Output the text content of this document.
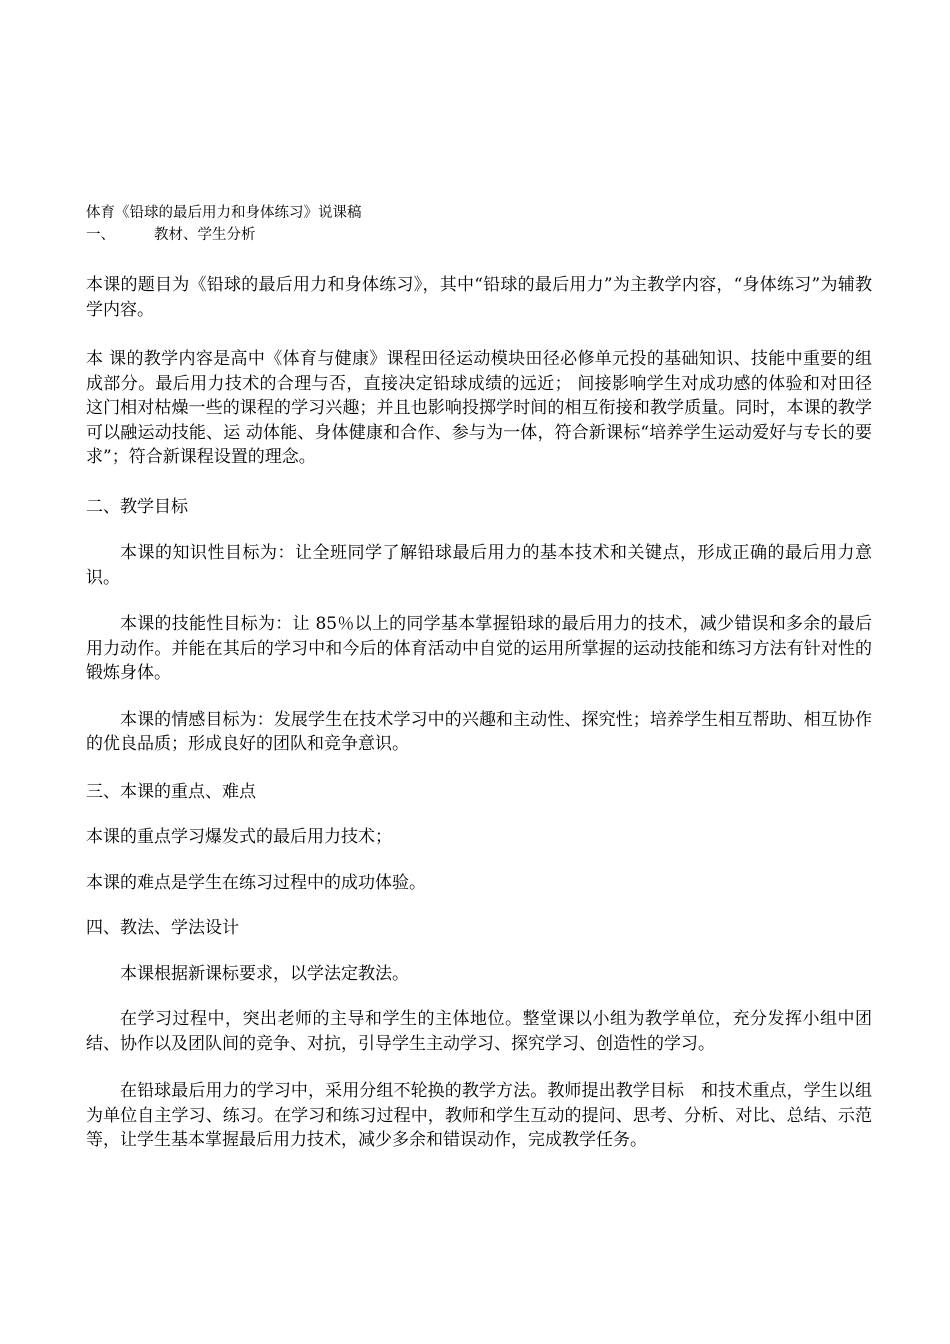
体育《铅球的最后用力和身体练习》说课稿
一、	教材、学生分析

本课的题目为《铅球的最后用力和身体练习》，其中“铅球的最后用力”为主教学内容，“身体练习”为辅教学内容。

本 课的教学内容是高中《体育与健康》课程田径运动模块田径必修单元投的基础知识、技能中重要的组成部分。最后用力技术的合理与否，直接决定铅球成绩的远近； 间接影响学生对成功感的体验和对田径这门相对枯燥一些的课程的学习兴趣；并且也影响投掷学时间的相互衔接和教学质量。同时，本课的教学可以融运动技能、运 动体能、身体健康和合作、参与为一体，符合新课标“培养学生运动爱好与专长的要求”；符合新课程设置的理念。

二、教学目标

本课的知识性目标为：让全班同学了解铅球最后用力的基本技术和关键点，形成正确的最后用力意识。

本课的技能性目标为：让 85％以上的同学基本掌握铅球的最后用力的技术，减少错误和多余的最后用力动作。并能在其后的学习中和今后的体育活动中自觉的运用所掌握的运动技能和练习方法有针对性的锻炼身体。

本课的情感目标为：发展学生在技术学习中的兴趣和主动性、探究性；培养学生相互帮助、相互协作的优良品质；形成良好的团队和竞争意识。

三、本课的重点、难点

本课的重点学习爆发式的最后用力技术；

本课的难点是学生在练习过程中的成功体验。

四、教法、学法设计

本课根据新课标要求，以学法定教法。

在学习过程中，突出老师的主导和学生的主体地位。整堂课以小组为教学单位，充分发挥小组中团结、协作以及团队间的竞争、对抗，引导学生主动学习、探究学习、创造性的学习。

在铅球最后用力的学习中，采用分组不轮换的教学方法。教师提出教学目标　和技术重点，学生以组为单位自主学习、练习。在学习和练习过程中，教师和学生互动的提问、思考、分析、对比、总结、示范等，让学生基本掌握最后用力技术，减少多余和错误动作，完成教学任务。
